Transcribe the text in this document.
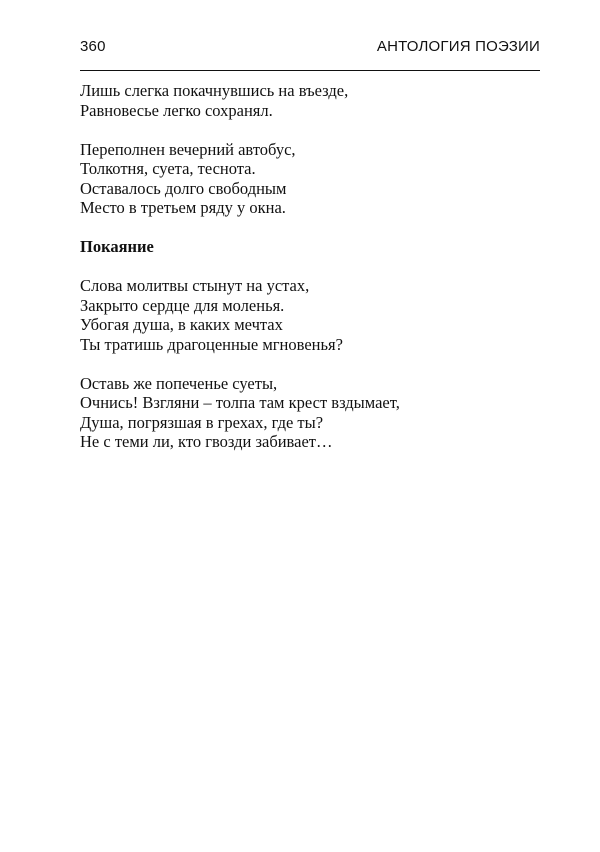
360	АНТОЛОГИЯ ПОЭЗИИ
Лишь слегка покачнувшись на въезде,
Равновесье легко сохранял.
Переполнен вечерний автобус,
Толкотня, суета, теснота.
Оставалось долго свободным
Место в третьем ряду у окна.
Покаяние
Слова молитвы стынут на устах,
Закрыто сердце для моленья.
Убогая душа, в каких мечтах
Ты тратишь драгоценные мгновенья?
Оставь же попеченье суеты,
Очнись! Взгляни – толпа там крест вздымает,
Душа, погрязшая в грехах, где ты?
Не с теми ли, кто гвозди забивает…
